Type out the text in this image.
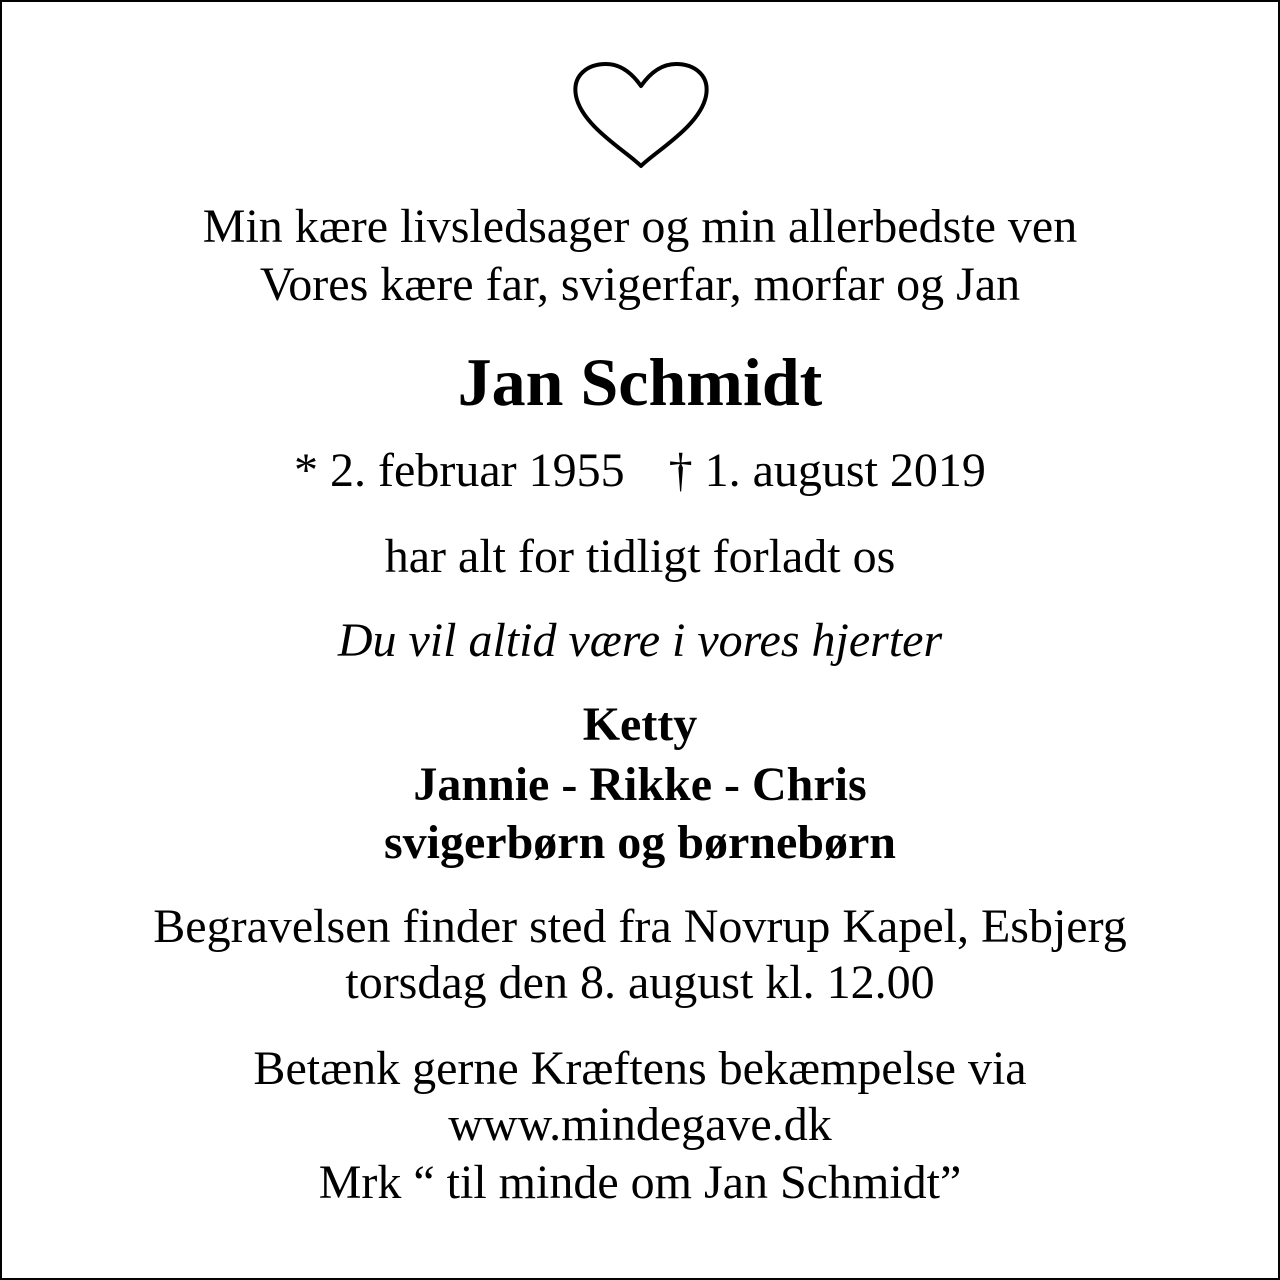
Min kære livsledsager og min allerbedste ven
Vores kære far, svigerfar, morfar og Jan
Jan Schmidt
* 2. februar 1955 † 1. august 2019
har alt for tidligt forladt os
Du vil altid være i vores hjerter
Ketty
Jannie - Rikke - Chris
svigerbørn og børnebørn
Begravelsen finder sted fra Novrup Kapel, Esbjerg
torsdag den 8. august kl. 12.00
Betænk gerne Kræftens bekæmpelse via
www.mindegave.dk
Mrk “ til minde om Jan Schmidt”
